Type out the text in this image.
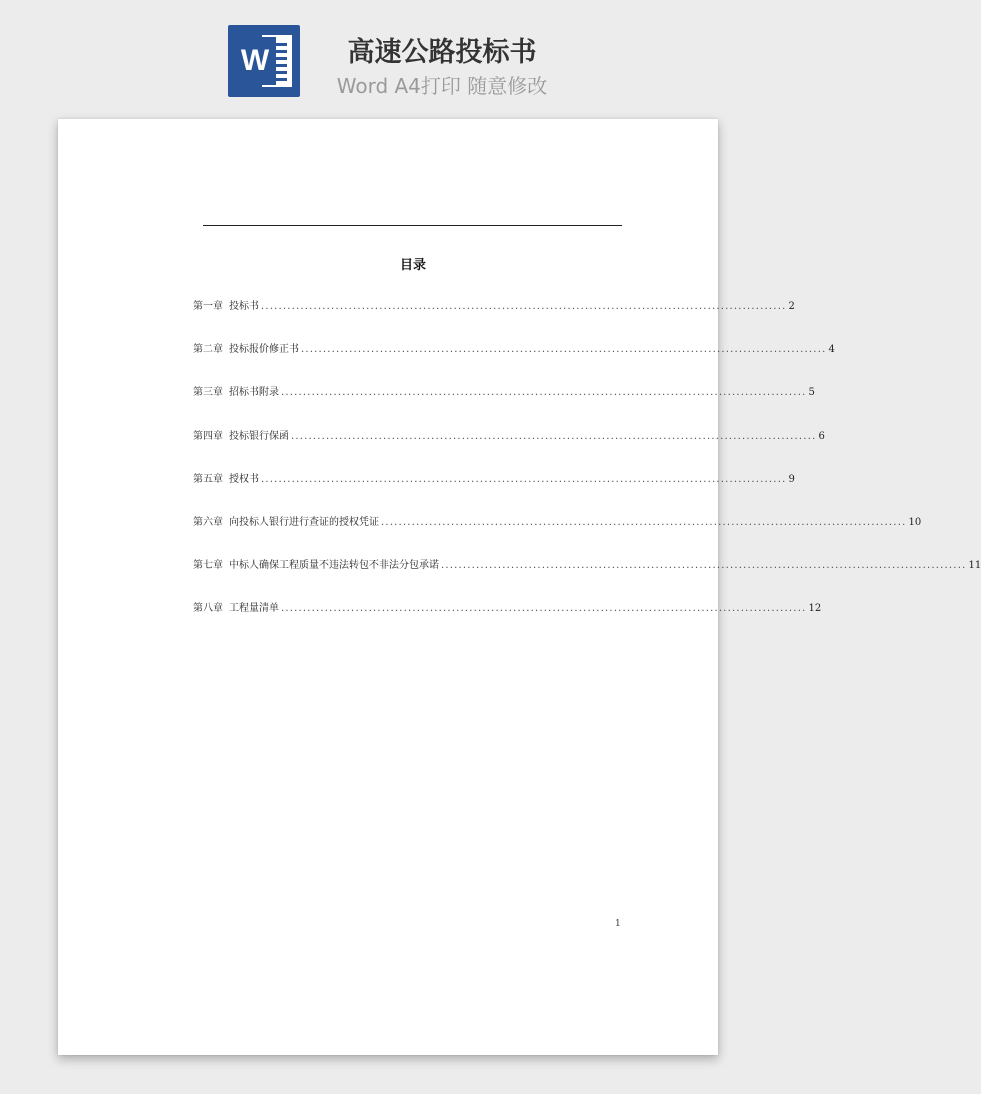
W	高速公路投标书
Word A4打印 随意修改

目录
第一章 投标书 ........................................................................................................................ 2
第二章 投标报价修正书 ........................................................................................................................ 4
第三章 招标书附录 ........................................................................................................................ 5
第四章 投标银行保函 ........................................................................................................................ 6
第五章 授权书 ........................................................................................................................ 9
第六章 向投标人银行进行查证的授权凭证 ........................................................................................................................ 10
第七章 中标人确保工程质量不违法转包不非法分包承诺 ........................................................................................................................ 11
第八章 工程量清单 ........................................................................................................................ 12
1
